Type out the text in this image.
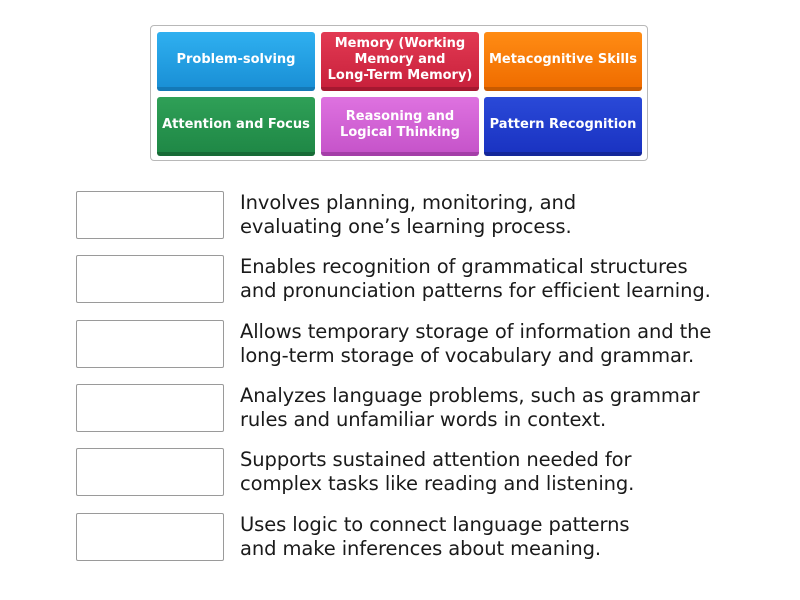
Problem-solving
Memory (Working
Memory and
Long-Term Memory)
Metacognitive Skills
Attention and Focus
Reasoning and
Logical Thinking
Pattern Recognition
Involves planning, monitoring, and
evaluating one’s learning process.
Enables recognition of grammatical structures
and pronunciation patterns for efficient learning.
Allows temporary storage of information and the
long-term storage of vocabulary and grammar.
Analyzes language problems, such as grammar
rules and unfamiliar words in context.
Supports sustained attention needed for
complex tasks like reading and listening.
Uses logic to connect language patterns
and make inferences about meaning.
